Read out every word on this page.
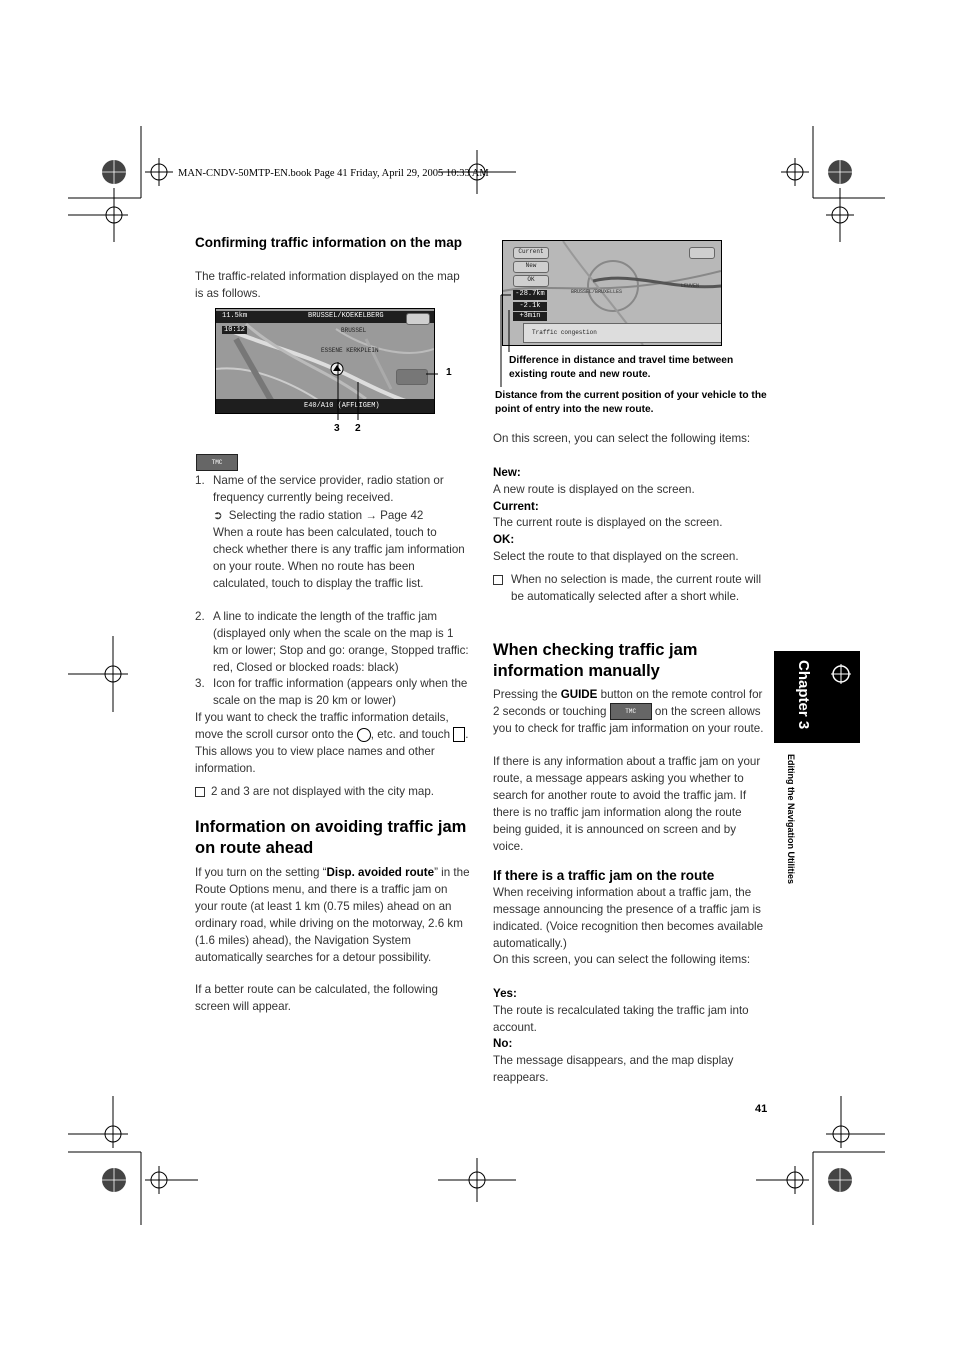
MAN-CNDV-50MTP-EN.book Page 41 Friday, April 29, 2005 10:33 AM
Chapter 3
Editing the Navigation Utilities
Confirming traffic information on the map
The traffic-related information displayed on the map is as follows.
11.5km	BRUSSEL/KOEKELBERG
10:12	BRUSSEL
ESSENE KERKPLEIN
E40/A10 (AFFLIGEM)
1
3 2
TMC
1. Name of the service provider, radio station or frequency currently being received.
➲ Selecting the radio station → Page 42
When a route has been calculated, touch to check whether there is any traffic jam information on your route. When no route has been calculated, touch to display the traffic list.
2. A line to indicate the length of the traffic jam (displayed only when the scale on the map is 1 km or lower; Stop and go: orange, Stopped traffic: red, Closed or blocked roads: black)
3. Icon for traffic information (appears only when the scale on the map is 20 km or lower)
If you want to check the traffic information details, move the scroll cursor onto the , etc. and touch . This allows you to view place names and other information.
2 and 3 are not displayed with the city map.
Information on avoiding traffic jam on route ahead
If you turn on the setting “Disp. avoided route” in the Route Options menu, and there is a traffic jam on your route (at least 1 km (0.75 miles) ahead on an ordinary road, while driving on the motorway, 2.6 km (1.6 miles) ahead), the Navigation System automatically searches for a detour possibility.
If a better route can be calculated, the following screen will appear.
Current
New
OK
-28.7km
-2.1k
+3min
BRUSSEL/BRUXELLES
LEUVEN
Traffic congestion
Difference in distance and travel time between existing route and new route.
Distance from the current position of your vehicle to the point of entry into the new route.
On this screen, you can select the following items:
New:
A new route is displayed on the screen.
Current:
The current route is displayed on the screen.
OK:
Select the route to that displayed on the screen.
When no selection is made, the current route will be automatically selected after a short while.
When checking traffic jam information manually
Pressing the GUIDE button on the remote control for 2 seconds or touching	TMC on the screen allows you to check for traffic jam information on your route.
If there is any information about a traffic jam on your route, a message appears asking you whether to search for another route to avoid the traffic jam. If there is no traffic jam information along the route being guided, it is announced on screen and by voice.
If there is a traffic jam on the route
When receiving information about a traffic jam, the message announcing the presence of a traffic jam is indicated. (Voice recognition then becomes available automatically.)
On this screen, you can select the following items:
Yes:
The route is recalculated taking the traffic jam into account.
No:
The message disappears, and the map display reappears.
41
